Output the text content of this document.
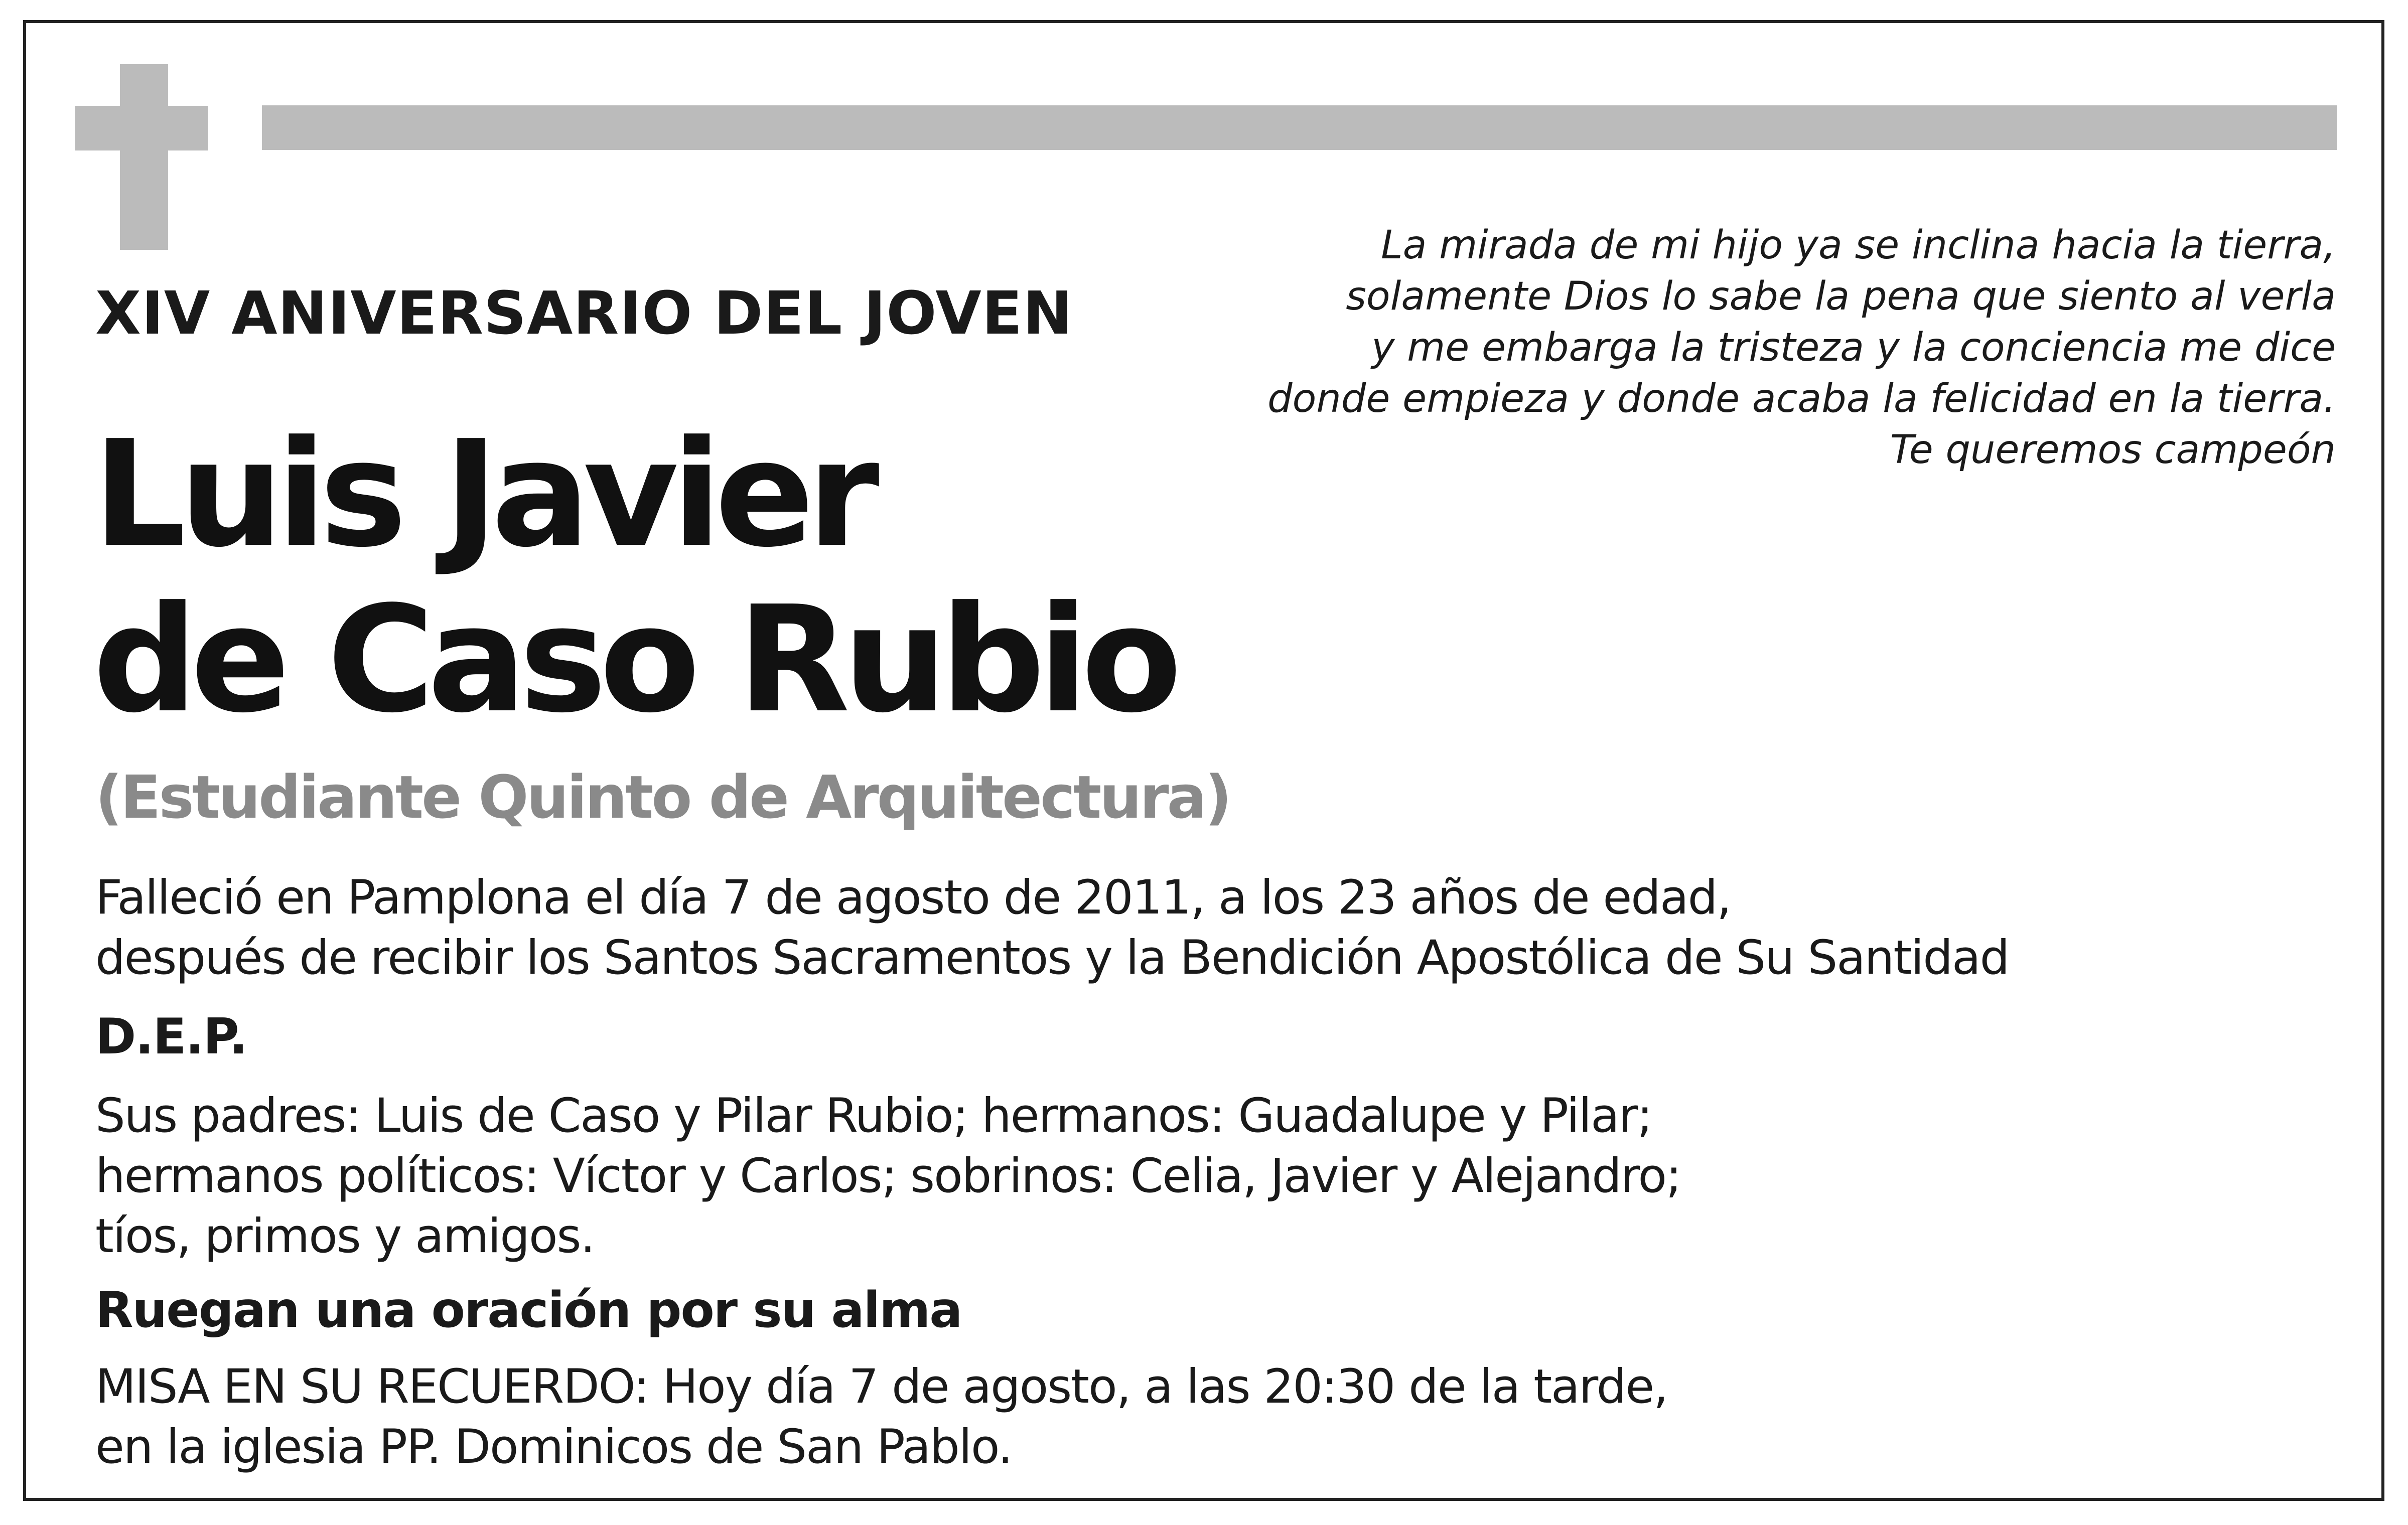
La mirada de mi hijo ya se inclina hacia la tierra,
solamente Dios lo sabe la pena que siento al verla
y me embarga la tristeza y la conciencia me dice
donde empieza y donde acaba la felicidad en la tierra.
Te queremos campeón
XIV ANIVERSARIO DEL JOVEN
Luis Javier
de Caso Rubio
(Estudiante Quinto de Arquitectura)
Falleció en Pamplona el día 7 de agosto de 2011, a los 23 años de edad,
después de recibir los Santos Sacramentos y la Bendición Apostólica de Su Santidad
D.E.P.
Sus padres: Luis de Caso y Pilar Rubio; hermanos: Guadalupe y Pilar;
hermanos políticos: Víctor y Carlos; sobrinos: Celia, Javier y Alejandro;
tíos, primos y amigos.
Ruegan una oración por su alma
MISA EN SU RECUERDO: Hoy día 7 de agosto, a las 20:30 de la tarde,
en la iglesia PP. Dominicos de San Pablo.
